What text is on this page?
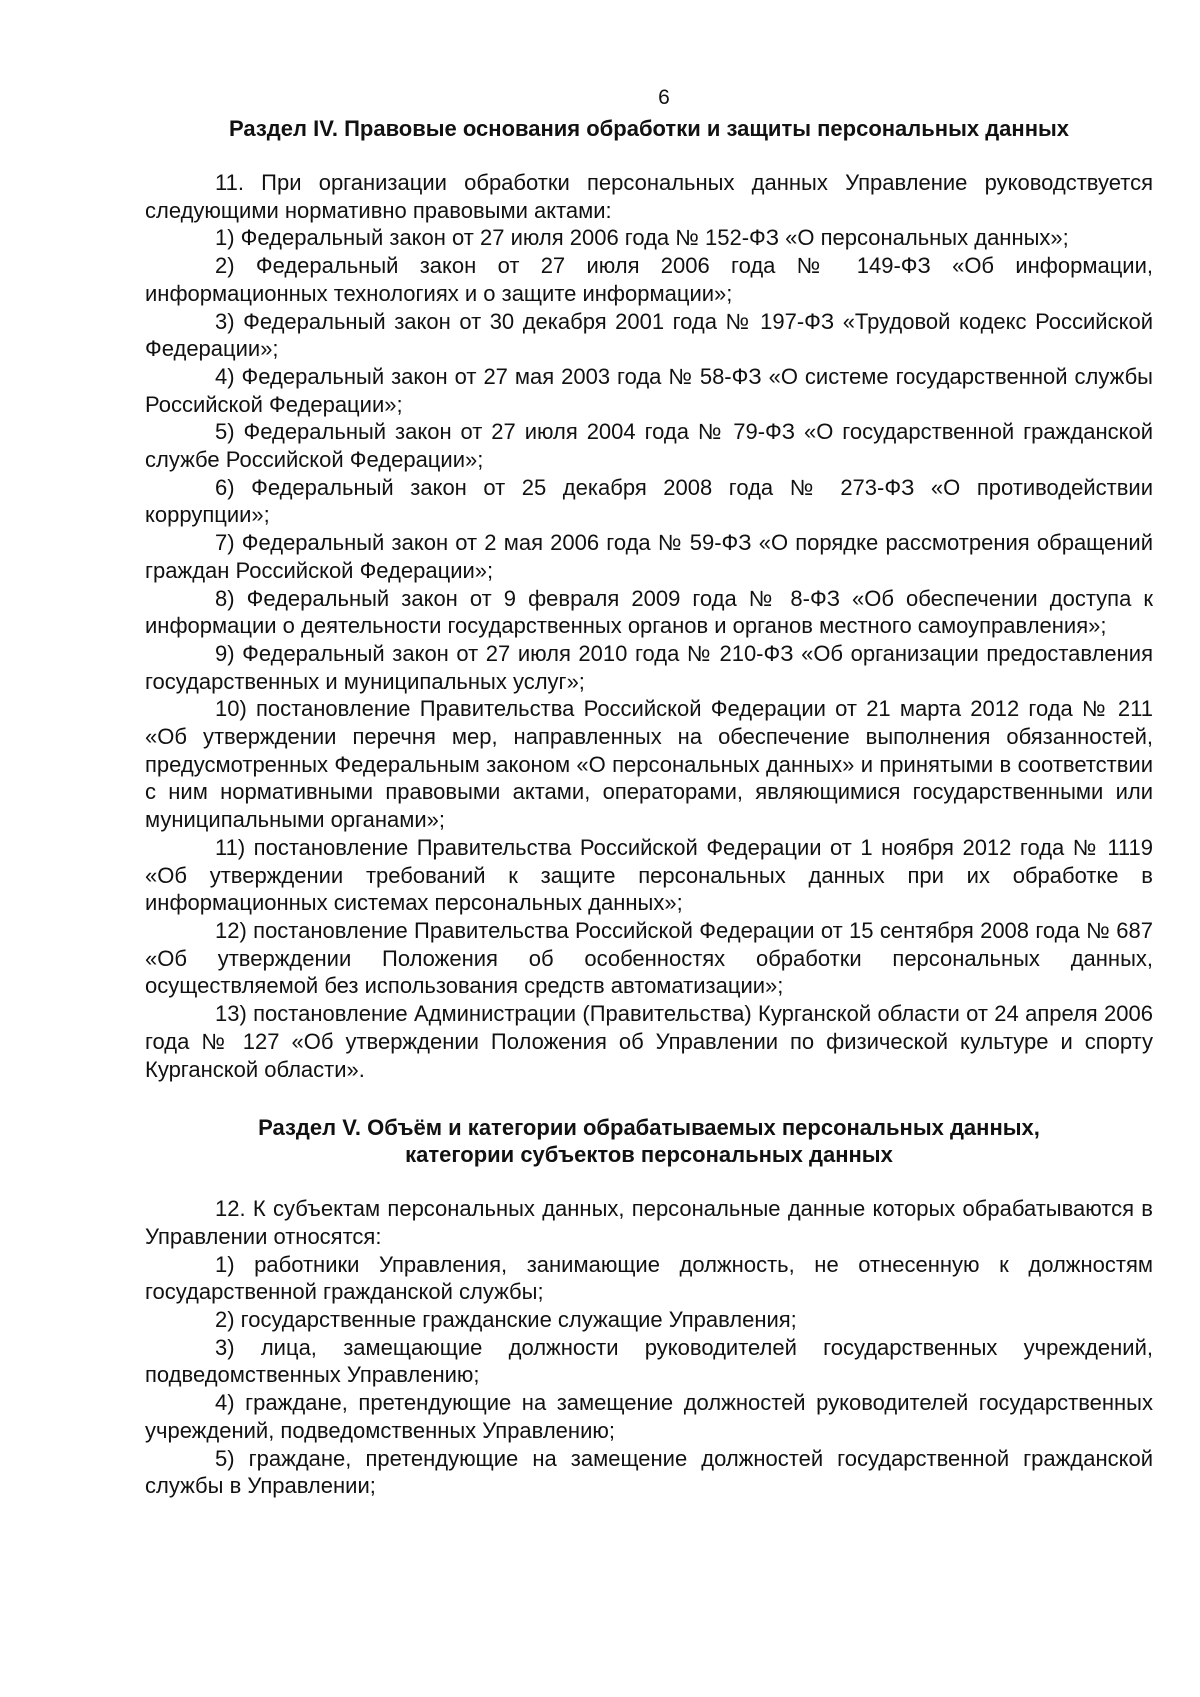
6
Раздел IV. Правовые основания обработки и защиты персональных данных

11. При организации обработки персональных данных Управление руководствуется следующими нормативно правовыми актами:

1) Федеральный закон от 27 июля 2006 года № 152-ФЗ «О персональных данных»;

2) Федеральный закон от 27 июля 2006 года № 149-ФЗ «Об информации, информационных технологиях и о защите информации»;

3) Федеральный закон от 30 декабря 2001 года № 197-ФЗ «Трудовой кодекс Российской Федерации»;

4) Федеральный закон от 27 мая 2003 года № 58-ФЗ «О системе государственной службы Российской Федерации»;

5) Федеральный закон от 27 июля 2004 года № 79-ФЗ «О государственной гражданской службе Российской Федерации»;

6) Федеральный закон от 25 декабря 2008 года № 273-ФЗ «О противодействии коррупции»;

7) Федеральный закон от 2 мая 2006 года № 59-ФЗ «О порядке рассмотрения обращений граждан Российской Федерации»;

8) Федеральный закон от 9 февраля 2009 года № 8-ФЗ «Об обеспечении доступа к информации о деятельности государственных органов и органов местного самоуправления»;

9) Федеральный закон от 27 июля 2010 года № 210-ФЗ «Об организации предоставления государственных и муниципальных услуг»;

10) постановление Правительства Российской Федерации от 21 марта 2012 года № 211 «Об утверждении перечня мер, направленных на обеспечение выполнения обязанностей, предусмотренных Федеральным законом «О персональных данных» и принятыми в соответствии с ним нормативными правовыми актами, операторами, являющимися государственными или муниципальными органами»;

11) постановление Правительства Российской Федерации от 1 ноября 2012 года № 1119 «Об утверждении требований к защите персональных данных при их обработке в информационных системах персональных данных»;

12) постановление Правительства Российской Федерации от 15 сентября 2008 года № 687 «Об утверждении Положения об особенностях обработки персональных данных, осуществляемой без использования средств автоматизации»;

13) постановление Администрации (Правительства) Курганской области от 24 апреля 2006 года № 127 «Об утверждении Положения об Управлении по физической культуре и спорту Курганской области».

Раздел V. Объём и категории обрабатываемых персональных данных,
категории субъектов персональных данных

12. К субъектам персональных данных, персональные данные которых обрабатываются в Управлении относятся:

1) работники Управления, занимающие должность, не отнесенную к должностям государственной гражданской службы;

2) государственные гражданские служащие Управления;

3) лица, замещающие должности руководителей государственных учреждений, подведомственных Управлению;

4) граждане, претендующие на замещение должностей руководителей государственных учреждений, подведомственных Управлению;

5) граждане, претендующие на замещение должностей государственной гражданской службы в Управлении;
